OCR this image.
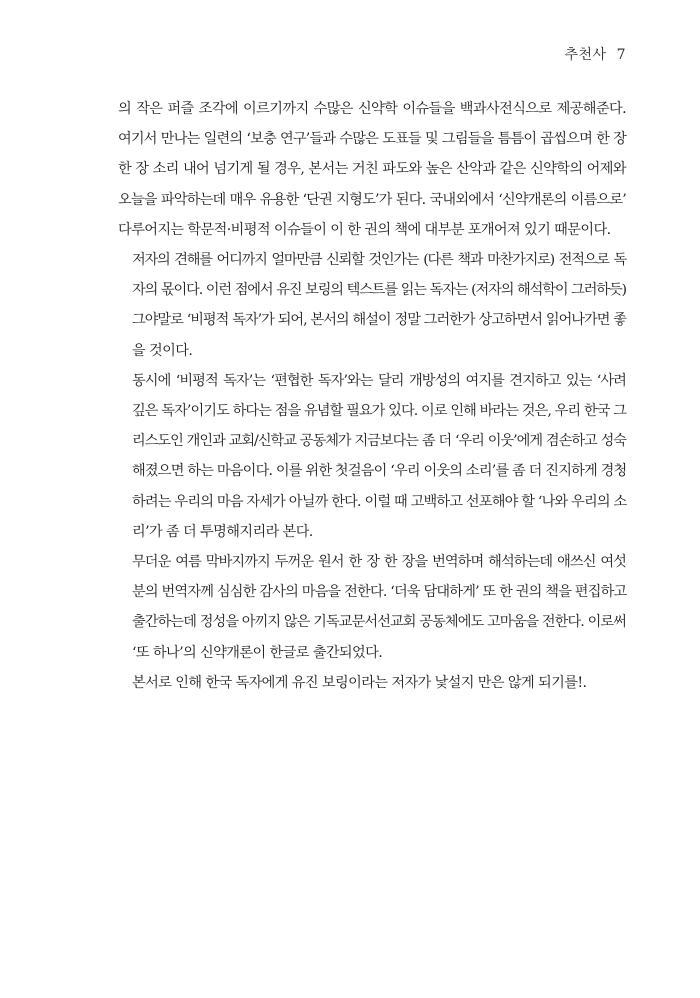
추천사 7

의 작은 퍼즐 조각에 이르기까지 수많은 신약학 이슈들을 백과사전식으로 제공해준다.
여기서 만나는 일련의 ‘보충 연구’들과 수많은 도표들 및 그림들을 틈틈이 곱씹으며 한 장
한 장 소리 내어 넘기게 될 경우, 본서는 거친 파도와 높은 산악과 같은 신약학의 어제와
오늘을 파악하는데 매우 유용한 ‘단권 지형도’가 된다. 국내외에서 ‘신약개론의 이름으로’
다루어지는 학문적·비평적 이슈들이 이 한 권의 책에 대부분 포개어져 있기 때문이다.

저자의 견해를 어디까지 얼마만큼 신뢰할 것인가는 (다른 책과 마찬가지로) 전적으로 독
자의 몫이다. 이런 점에서 유진 보링의 텍스트를 읽는 독자는 (저자의 해석학이 그러하듯)
그야말로 ‘비평적 독자’가 되어, 본서의 해설이 정말 그러한가 상고하면서 읽어나가면 좋
을 것이다.

동시에 ‘비평적 독자’는 ‘편협한 독자’와는 달리 개방성의 여지를 견지하고 있는 ‘사려
깊은 독자’이기도 하다는 점을 유념할 필요가 있다. 이로 인해 바라는 것은, 우리 한국 그
리스도인 개인과 교회/신학교 공동체가 지금보다는 좀 더 ‘우리 이웃’에게 겸손하고 성숙
해졌으면 하는 마음이다. 이를 위한 첫걸음이 ‘우리 이웃의 소리’를 좀 더 진지하게 경청
하려는 우리의 마음 자세가 아닐까 한다. 이럴 때 고백하고 선포해야 할 ‘나와 우리의 소
리’가 좀 더 투명해지리라 본다.

무더운 여름 막바지까지 두꺼운 원서 한 장 한 장을 번역하며 해석하는데 애쓰신 여섯
분의 번역자께 심심한 감사의 마음을 전한다. ‘더욱 담대하게’ 또 한 권의 책을 편집하고
출간하는데 정성을 아끼지 않은 기독교문서선교회 공동체에도 고마움을 전한다. 이로써
‘또 하나’의 신약개론이 한글로 출간되었다.

본서로 인해 한국 독자에게 유진 보링이라는 저자가 낯설지 만은 않게 되기를!.
